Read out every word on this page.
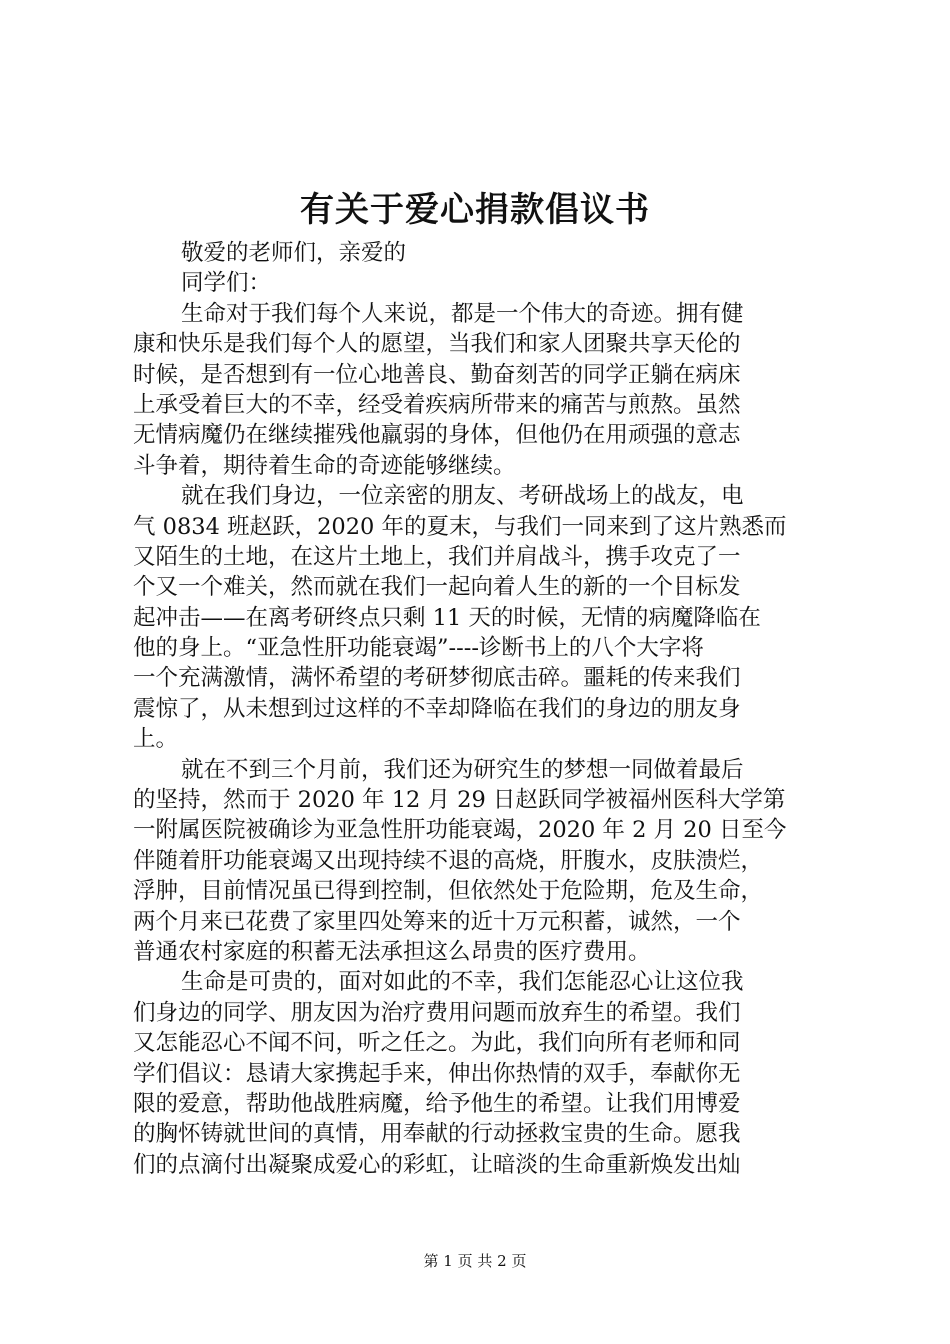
有关于爱心捐款倡议书
敬爱的老师们，亲爱的
同学们：
生命对于我们每个人来说，都是一个伟大的奇迹。拥有健
康和快乐是我们每个人的愿望，当我们和家人团聚共享天伦的
时候，是否想到有一位心地善良、勤奋刻苦的同学正躺在病床
上承受着巨大的不幸，经受着疾病所带来的痛苦与煎熬。虽然
无情病魔仍在继续摧残他羸弱的身体，但他仍在用顽强的意志
斗争着，期待着生命的奇迹能够继续。
就在我们身边，一位亲密的朋友、考研战场上的战友，电
气 0834 班赵跃，2020 年的夏末，与我们一同来到了这片熟悉而
又陌生的土地，在这片土地上，我们并肩战斗，携手攻克了一
个又一个难关，然而就在我们一起向着人生的新的一个目标发
起冲击——在离考研终点只剩 11 天的时候，无情的病魔降临在
他的身上。“亚急性肝功能衰竭”----诊断书上的八个大字将
一个充满激情，满怀希望的考研梦彻底击碎。噩耗的传来我们
震惊了，从未想到过这样的不幸却降临在我们的身边的朋友身
上。
就在不到三个月前，我们还为研究生的梦想一同做着最后
的坚持，然而于 2020 年 12 月 29 日赵跃同学被福州医科大学第
一附属医院被确诊为亚急性肝功能衰竭，2020 年 2 月 20 日至今
伴随着肝功能衰竭又出现持续不退的高烧，肝腹水，皮肤溃烂，
浮肿，目前情况虽已得到控制，但依然处于危险期，危及生命，
两个月来已花费了家里四处筹来的近十万元积蓄，诚然，一个
普通农村家庭的积蓄无法承担这么昂贵的医疗费用。
生命是可贵的，面对如此的不幸，我们怎能忍心让这位我
们身边的同学、朋友因为治疗费用问题而放弃生的希望。我们
又怎能忍心不闻不问，听之任之。为此，我们向所有老师和同
学们倡议：恳请大家携起手来，伸出你热情的双手，奉献你无
限的爱意，帮助他战胜病魔，给予他生的希望。让我们用博爱
的胸怀铸就世间的真情，用奉献的行动拯救宝贵的生命。愿我
们的点滴付出凝聚成爱心的彩虹，让暗淡的生命重新焕发出灿
第 1 页 共 2 页
